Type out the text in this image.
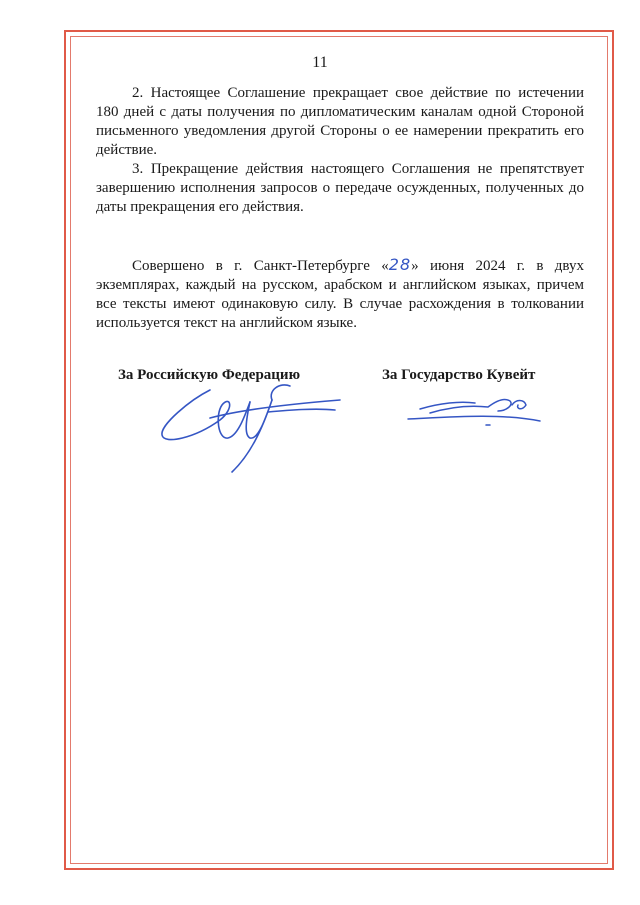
11

2. Настоящее Соглашение прекращает свое действие по истечении 180 дней с даты получения по дипломатическим каналам одной Стороной письменного уведомления другой Стороны о ее намерении прекратить его действие.

3. Прекращение действия настоящего Соглашения не препятствует завершению исполнения запросов о передаче осужденных, полученных до даты прекращения его действия.

Совершено в г. Санкт-Петербурге «28» июня 2024 г. в двух экземплярах, каждый на русском, арабском и английском языках, причем все тексты имеют одинаковую силу. В случае расхождения в толковании используется текст на английском языке.

За Российскую Федерацию	За Государство Кувейт
